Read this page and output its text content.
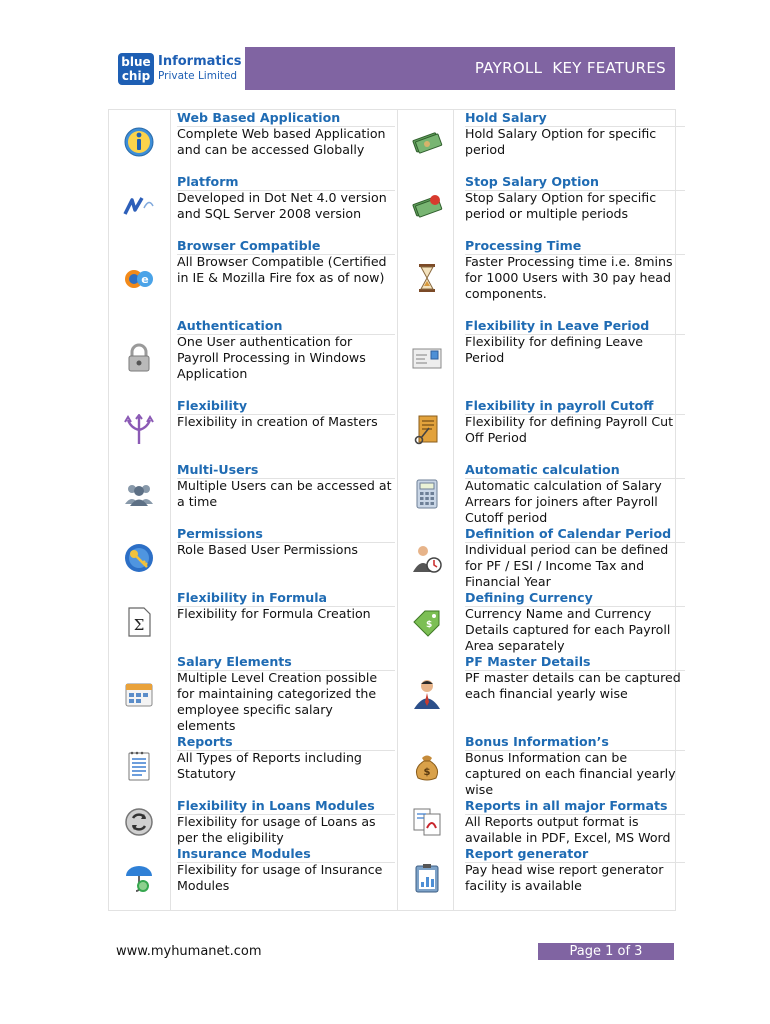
blue chip
Informatics
Private Limited	PAYROLL  KEY FEATURES
Web Based Application
Complete Web based Application and can be accessed Globally
Platform
Developed in Dot Net 4.0 version and SQL Server 2008 version
e
Browser Compatible
All Browser Compatible (Certified in IE & Mozilla Fire fox as of now)
Authentication
One User authentication for Payroll Processing in Windows Application
Flexibility
Flexibility in creation of Masters
Multi-Users
Multiple Users can be accessed at a time
Permissions
Role Based User Permissions
Σ
Flexibility in Formula
Flexibility for Formula Creation
Salary Elements
Multiple Level Creation possible for maintaining categorized the employee specific salary elements
Reports
All Types of Reports including Statutory
Flexibility in Loans Modules
Flexibility for usage of Loans as per the eligibility
Insurance Modules
Flexibility for usage of Insurance Modules
Hold Salary
Hold Salary Option for specific period
Stop Salary Option
Stop Salary Option for specific period or multiple periods
Processing Time
Faster Processing time i.e. 8mins for 1000 Users with 30 pay head components.
Flexibility in Leave Period
Flexibility for defining Leave Period
Flexibility in payroll Cutoff
Flexibility for defining Payroll Cut Off Period
Automatic calculation
Automatic calculation of Salary Arrears for joiners after Payroll Cutoff period
Definition of Calendar Period
Individual period can be defined for PF / ESI / Income Tax and Financial Year
$
Defining Currency
Currency Name and Currency Details captured for each Payroll Area separately
PF Master Details
PF master details can be captured each financial yearly wise
$
Bonus Information’s
Bonus Information can be captured on each financial yearly wise
Reports in all major Formats
All Reports output format is available in PDF, Excel, MS Word
Report generator
Pay head wise report generator facility is available
www.myhumanet.com	Page 1 of 3
